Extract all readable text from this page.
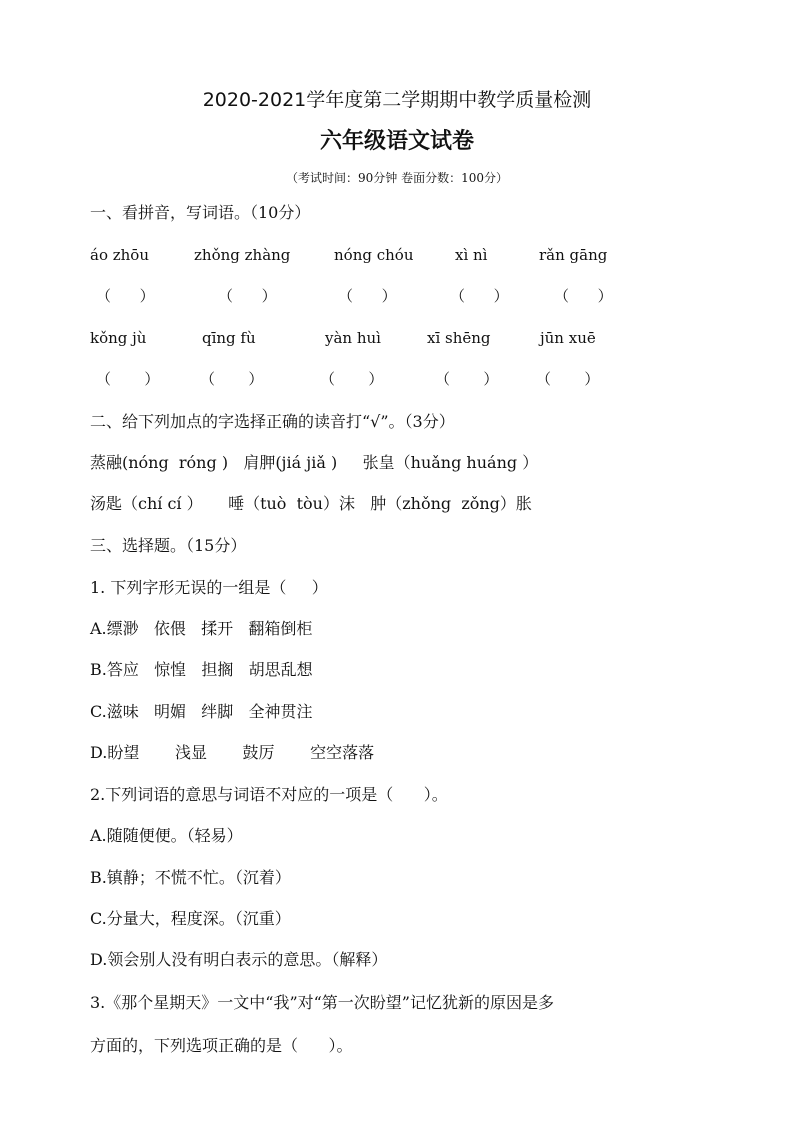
2020-2021学年度第二学期期中教学质量检测
六年级语文试卷
（考试时间：90分钟 卷面分数：100分）
一、看拼音，写词语。（10分）
áo zhōu	zhǒng zhàng	nóng chóu	xì nì	rǎn gāng
（      ）	（      ）	（      ）	（      ）	（      ）
kǒng jù	qīng fù	yàn huì	xī shēng	jūn xuē
（       ）	（       ）	（       ）	（       ）	（       ）
二、给下列加点的字选择正确的读音打“√”。（3分）
蒸融(nóng  róng )   肩胛(jiá jiǎ )     张皇（huǎng huáng ）
汤匙（chí cí ）     唾（tuò  tòu）沫   肿（zhǒng  zǒng）胀
三、选择题。（15分）
1. 下列字形无误的一组是（     ）
A.缥渺   依偎   揉开   翻箱倒柜
B.答应   惊惶   担搁   胡思乱想
C.滋味   明媚   绊脚   全神贯注
D.盼望       浅显       鼓厉       空空落落
2.下列词语的意思与词语不对应的一项是（      ）。
A.随随便便。（轻易）
B.镇静；不慌不忙。（沉着）
C.分量大，程度深。（沉重）
D.领会别人没有明白表示的意思。（解释）
3.《那个星期天》一文中“我”对“第一次盼望”记忆犹新的原因是多
方面的，下列选项正确的是（      ）。
